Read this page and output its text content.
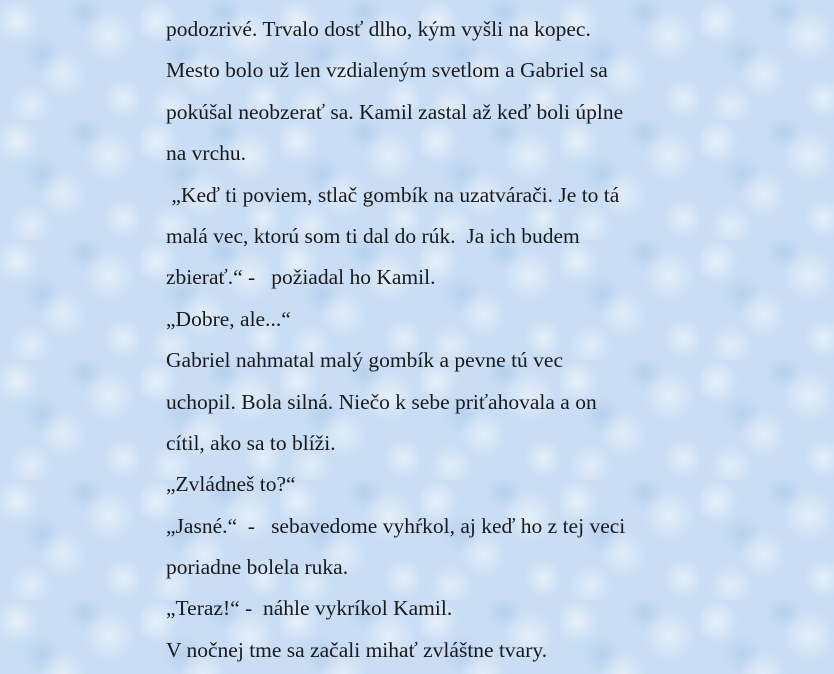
podozrivé. Trvalo dosť dlho, kým vyšli na kopec.

Mesto bolo už len vzdialeným svetlom a Gabriel sa

pokúšal neobzerať sa. Kamil zastal až keď boli úplne

na vrchu.

„Keď ti poviem, stlač gombík na uzatvárači. Je to tá

malá vec, ktorú som ti dal do rúk.  Ja ich budem

zbierať.“ -   požiadal ho Kamil.

„Dobre, ale...“

Gabriel nahmatal malý gombík a pevne tú vec

uchopil. Bola silná. Niečo k sebe priťahovala a on

cítil, ako sa to blíži.

„Zvládneš to?“

„Jasné.“  -   sebavedome vyhŕkol, aj keď ho z tej veci

poriadne bolela ruka.

„Teraz!“ -  náhle vykríkol Kamil.

V nočnej tme sa začali mihať zvláštne tvary.
